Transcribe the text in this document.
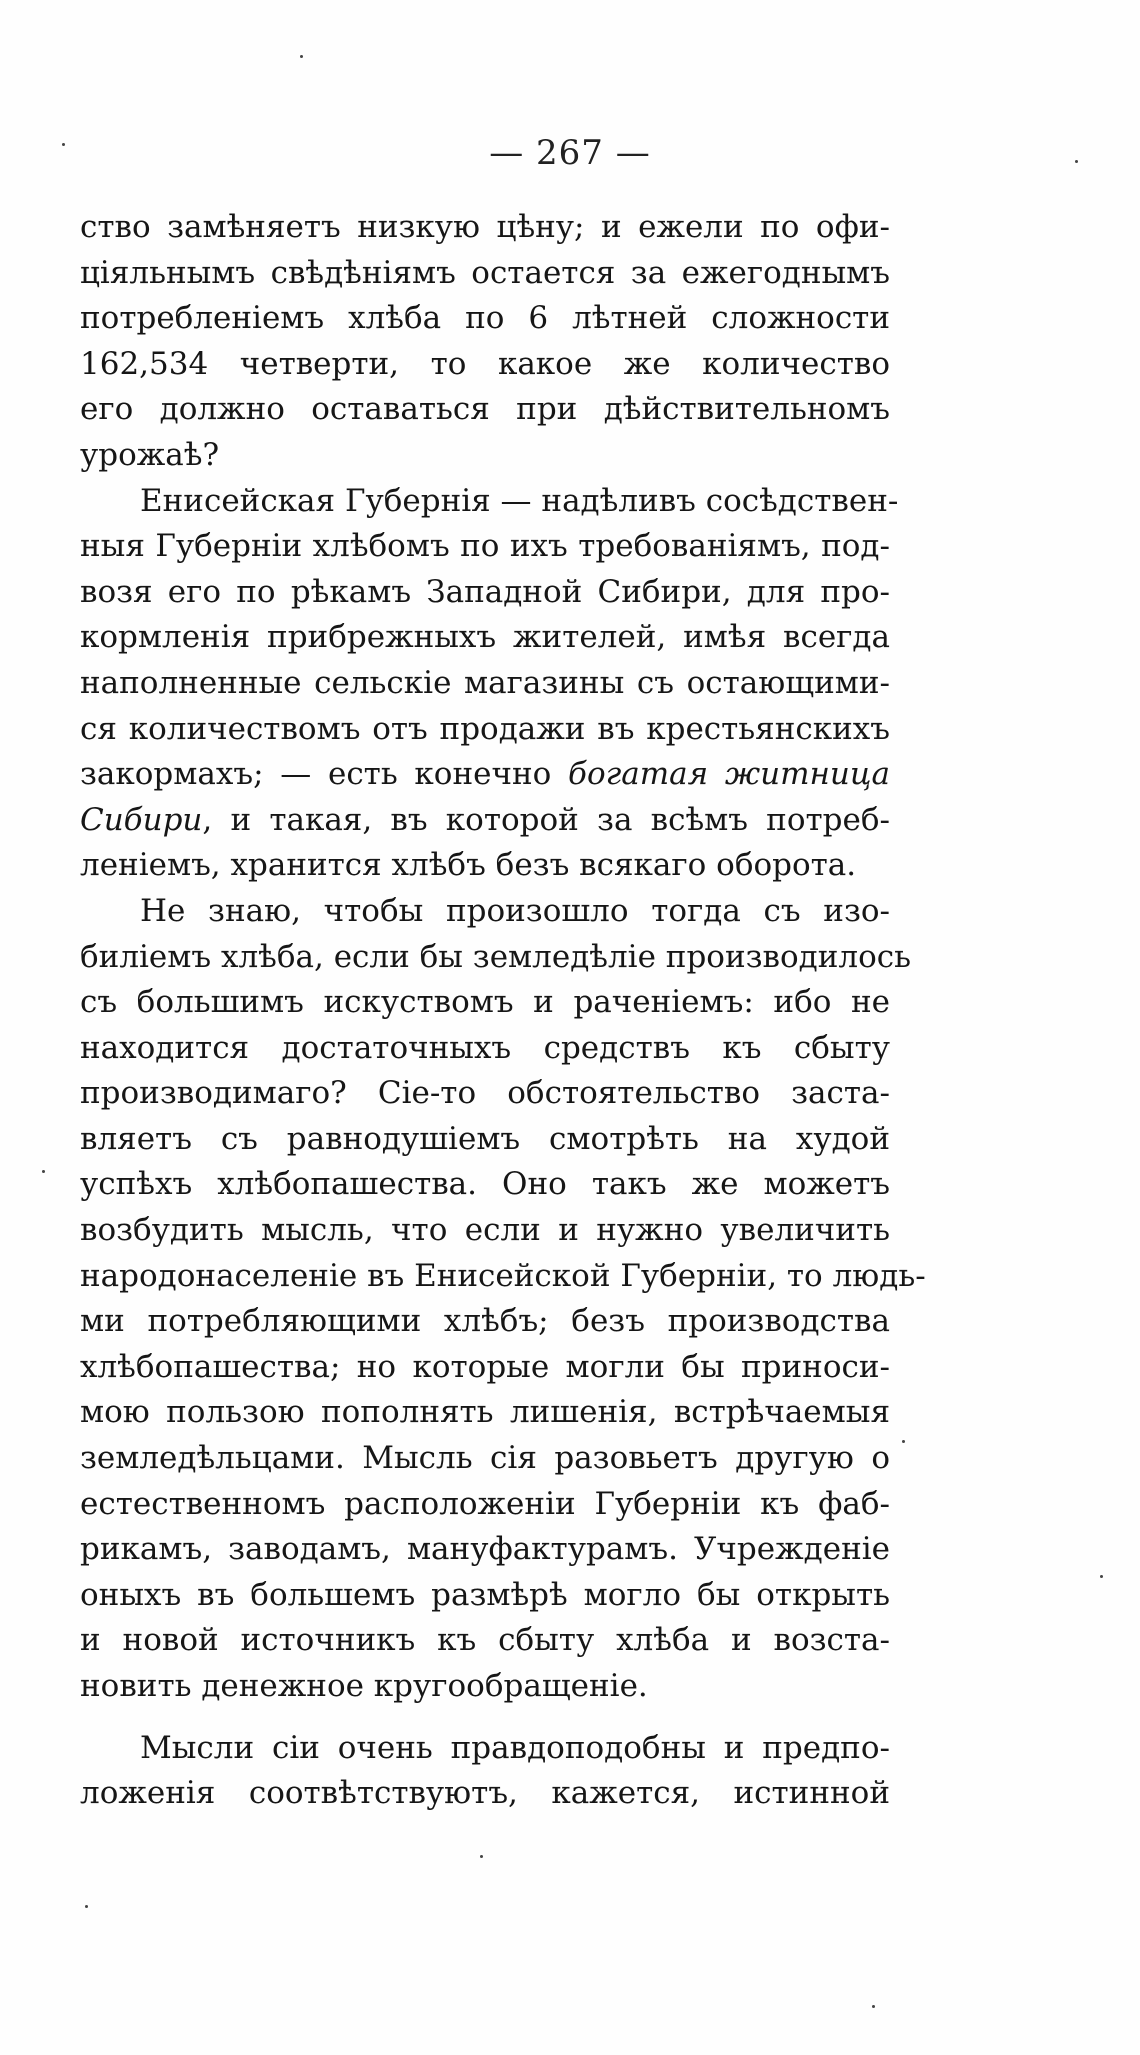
— 267 —
ство замѣняетъ низкую цѣну; и ежели по офи-
ціяльнымъ свѣдѣніямъ остается за ежегоднымъ
потребленіемъ хлѣба по 6 лѣтней сложности
162,534 четверти, то какое же количество
его должно оставаться при дѣйствительномъ
урожаѣ?
Енисейская Губернія — надѣливъ сосѣдствен-
ныя Губерніи хлѣбомъ по ихъ требованіямъ, под-
возя его по рѣкамъ Западной Сибири, для про-
кормленія прибрежныхъ жителей, имѣя всегда
наполненные сельскіе магазины съ остающими-
ся количествомъ отъ продажи въ крестьянскихъ
закормахъ; — есть конечно богатая житница
Сибири, и такая, въ которой за всѣмъ потреб-
леніемъ, хранится хлѣбъ безъ всякаго оборота.
Не знаю, чтобы произошло тогда съ изо-
биліемъ хлѣба, если бы земледѣліе производилось
съ большимъ искуствомъ и раченіемъ: ибо не
находится достаточныхъ средствъ къ сбыту
производимаго? Сіе-то обстоятельство заста-
вляетъ съ равнодушіемъ смотрѣть на худой
успѣхъ хлѣбопашества. Оно такъ же можетъ
возбудить мысль, что если и нужно увеличить
народонаселеніе въ Енисейской Губерніи, то людь-
ми потребляющими хлѣбъ; безъ производства
хлѣбопашества; но которые могли бы приноси-
мою пользою пополнять лишенія, встрѣчаемыя
земледѣльцами. Мысль сія разовьетъ другую о
естественномъ расположеніи Губерніи къ фаб-
рикамъ, заводамъ, мануфактурамъ. Учрежденіе
оныхъ въ большемъ размѣрѣ могло бы открыть
и новой источникъ къ сбыту хлѣба и возста-
новить денежное кругообращеніе.
Мысли сіи очень правдоподобны и предпо-
ложенія соотвѣтствуютъ, кажется, истинной
